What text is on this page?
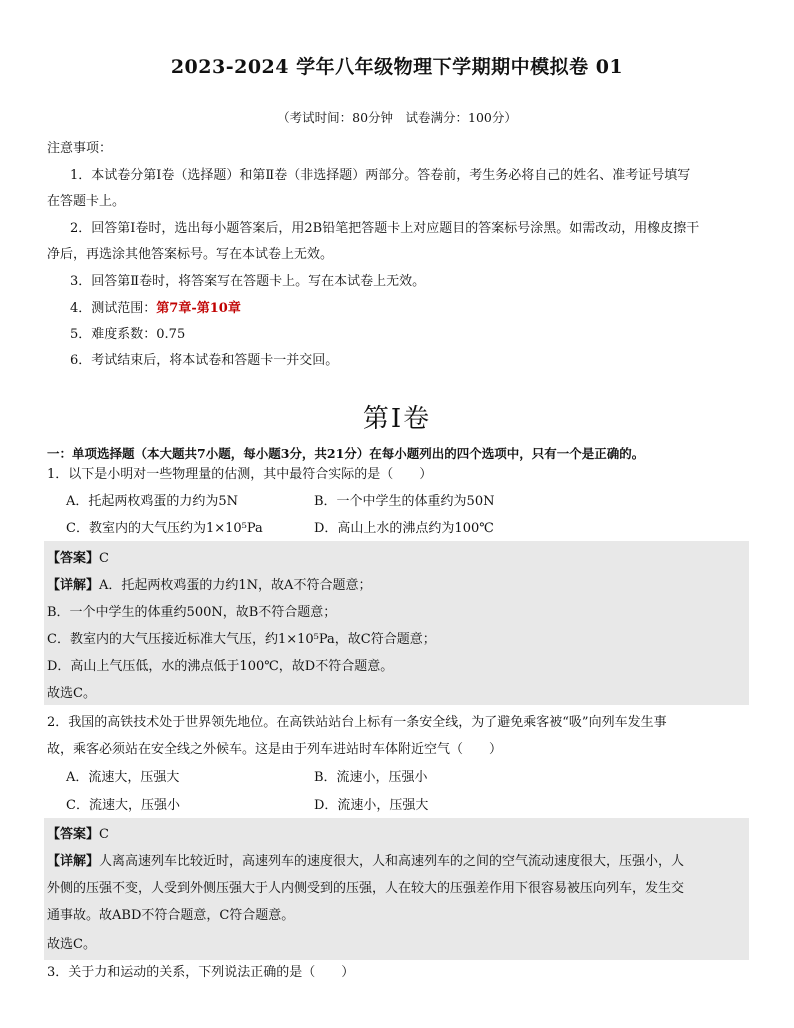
2023-2024 学年八年级物理下学期期中模拟卷 01
（考试时间：80分钟　试卷满分：100分）
注意事项：
1．本试卷分第Ⅰ卷（选择题）和第Ⅱ卷（非选择题）两部分。答卷前，考生务必将自己的姓名、准考证号填写
在答题卡上。
2．回答第Ⅰ卷时，选出每小题答案后，用2B铅笔把答题卡上对应题目的答案标号涂黑。如需改动，用橡皮擦干
净后，再选涂其他答案标号。写在本试卷上无效。
3．回答第Ⅱ卷时，将答案写在答题卡上。写在本试卷上无效。
4．测试范围：第7章-第10章
5．难度系数：0.75
6．考试结束后，将本试卷和答题卡一并交回。
第Ⅰ卷
一：单项选择题（本大题共7小题，每小题3分，共21分）在每小题列出的四个选项中，只有一个是正确的。
1．以下是小明对一些物理量的估测，其中最符合实际的是（　　）
A．托起两枚鸡蛋的力约为5N	B．一个中学生的体重约为50N
C．教室内的大气压约为1×10⁵Pa	D．高山上水的沸点约为100℃
【答案】C
【详解】A．托起两枚鸡蛋的力约1N，故A不符合题意；
B．一个中学生的体重约500N，故B不符合题意；
C．教室内的大气压接近标准大气压，约1×10⁵Pa，故C符合题意；
D．高山上气压低，水的沸点低于100℃，故D不符合题意。
故选C。
2．我国的高铁技术处于世界领先地位。在高铁站站台上标有一条安全线，为了避免乘客被“吸”向列车发生事
故，乘客必须站在安全线之外候车。这是由于列车进站时车体附近空气（　　）
A．流速大，压强大	B．流速小，压强小
C．流速大，压强小	D．流速小，压强大
【答案】C
【详解】人离高速列车比较近时，高速列车的速度很大，人和高速列车的之间的空气流动速度很大，压强小，人
外侧的压强不变，人受到外侧压强大于人内侧受到的压强，人在较大的压强差作用下很容易被压向列车，发生交
通事故。故ABD不符合题意，C符合题意。
故选C。
3．关于力和运动的关系，下列说法正确的是（　　）
